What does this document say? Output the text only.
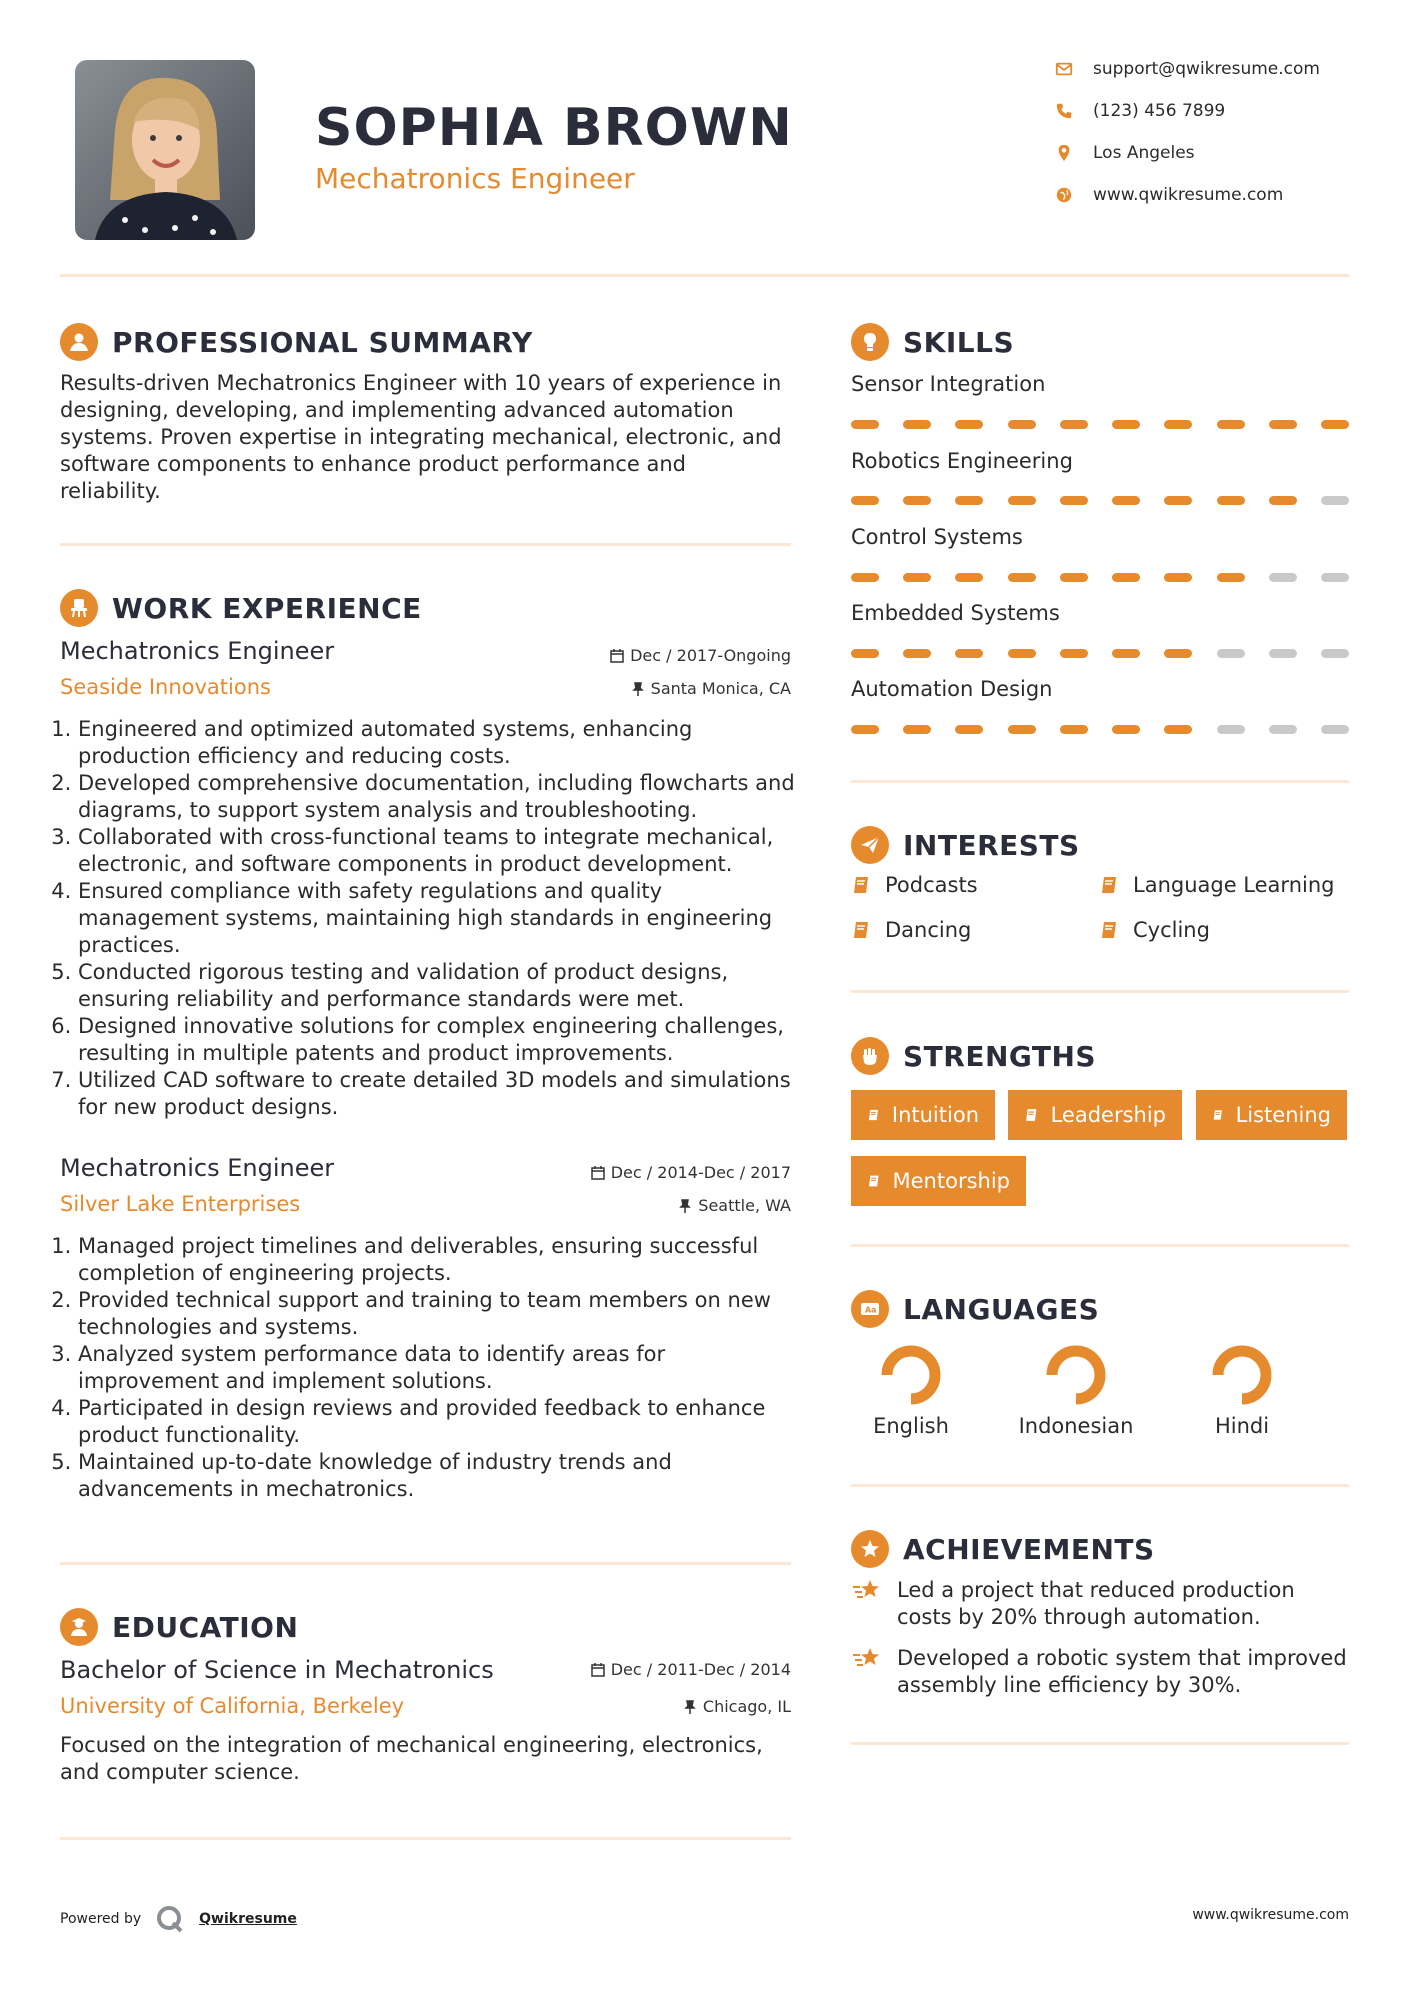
SOPHIA BROWN
Mechatronics Engineer
support@qwikresume.com
(123) 456 7899
Los Angeles
www.qwikresume.com
PROFESSIONAL SUMMARY
Results-driven Mechatronics Engineer with 10 years of experience in
designing, developing, and implementing advanced automation
systems. Proven expertise in integrating mechanical, electronic, and
software components to enhance product performance and
reliability.
WORK EXPERIENCE
Mechatronics Engineer
Seaside Innovations
Dec / 2017-Ongoing
Santa Monica, CA
1. Engineered and optimized automated systems, enhancing production efficiency and reducing costs.
2. Developed comprehensive documentation, including flowcharts and diagrams, to support system analysis and troubleshooting.
3. Collaborated with cross-functional teams to integrate mechanical, electronic, and software components in product development.
4. Ensured compliance with safety regulations and quality management systems, maintaining high standards in engineering practices.
5. Conducted rigorous testing and validation of product designs, ensuring reliability and performance standards were met.
6. Designed innovative solutions for complex engineering challenges, resulting in multiple patents and product improvements.
7. Utilized CAD software to create detailed 3D models and simulations for new product designs.
Mechatronics Engineer
Silver Lake Enterprises
Dec / 2014-Dec / 2017
Seattle, WA
1. Managed project timelines and deliverables, ensuring successful completion of engineering projects.
2. Provided technical support and training to team members on new technologies and systems.
3. Analyzed system performance data to identify areas for improvement and implement solutions.
4. Participated in design reviews and provided feedback to enhance product functionality.
5. Maintained up-to-date knowledge of industry trends and advancements in mechatronics.
EDUCATION
Bachelor of Science in Mechatronics
University of California, Berkeley
Dec / 2011-Dec / 2014
Chicago, IL
Focused on the integration of mechanical engineering, electronics,
and computer science.
SKILLS
Sensor Integration
Robotics Engineering
Control Systems
Embedded Systems
Automation Design
INTERESTS
Podcasts	Language Learning
Dancing	Cycling
STRENGTHS
Intuition	Leadership	Listening
Mentorship
A a LANGUAGES
English	Indonesian	Hindi
ACHIEVEMENTS
Led a project that reduced production
costs by 20% through automation.
Developed a robotic system that improved
assembly line efficiency by 30%.
Powered by	Qwikresume	www.qwikresume.com
